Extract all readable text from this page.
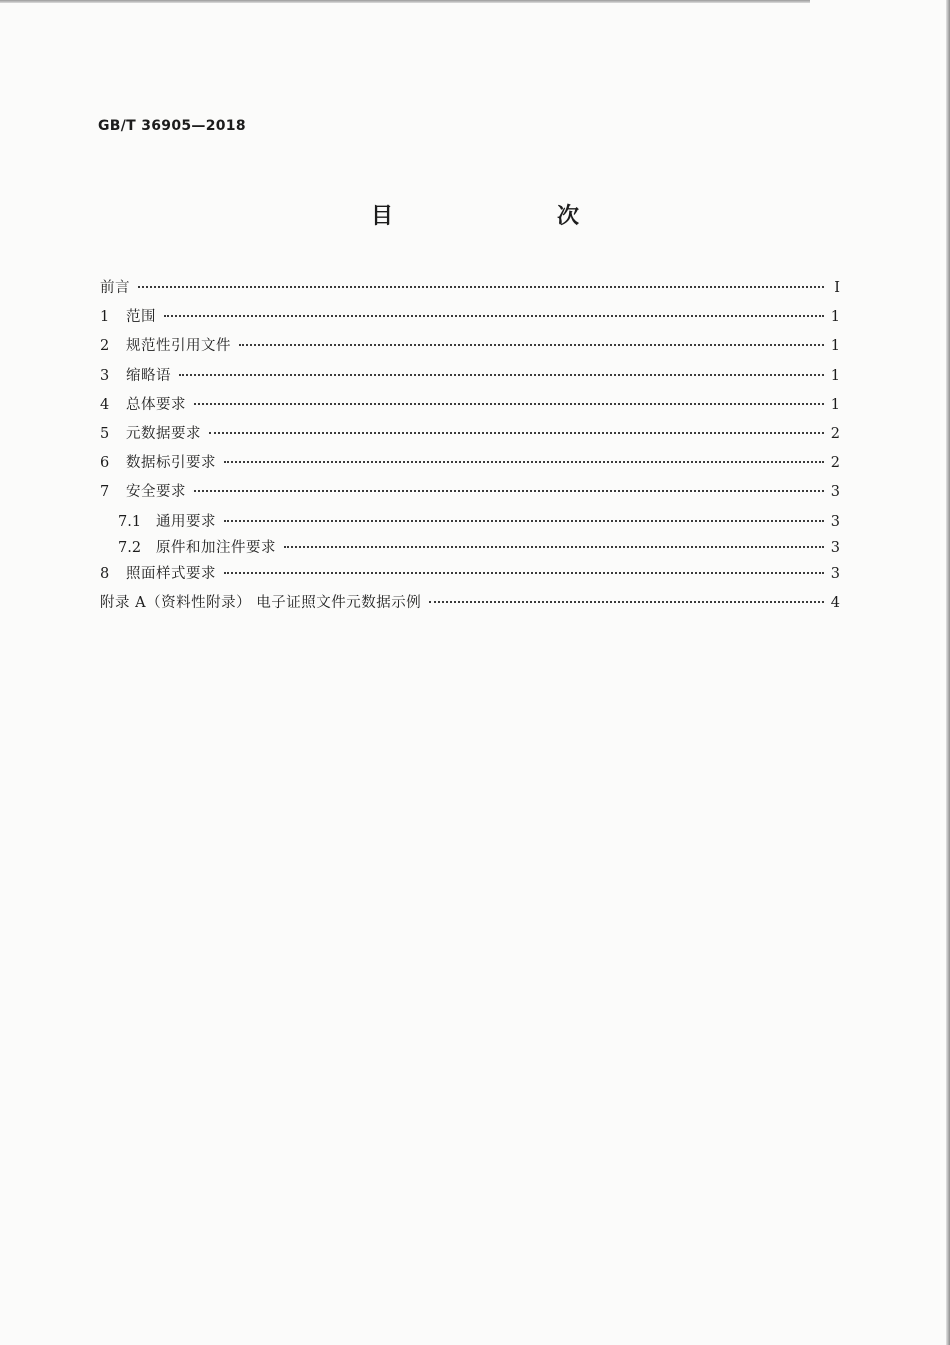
GB/T 36905—2018
目　　次
前言	Ⅰ
1	范围	1
2	规范性引用文件	1
3	缩略语	1
4	总体要求	1
5	元数据要求	2
6	数据标引要求	2
7	安全要求	3
7.1	通用要求	3
7.2	原件和加注件要求	3
8	照面样式要求	3
附录 A（资料性附录） 电子证照文件元数据示例	4
